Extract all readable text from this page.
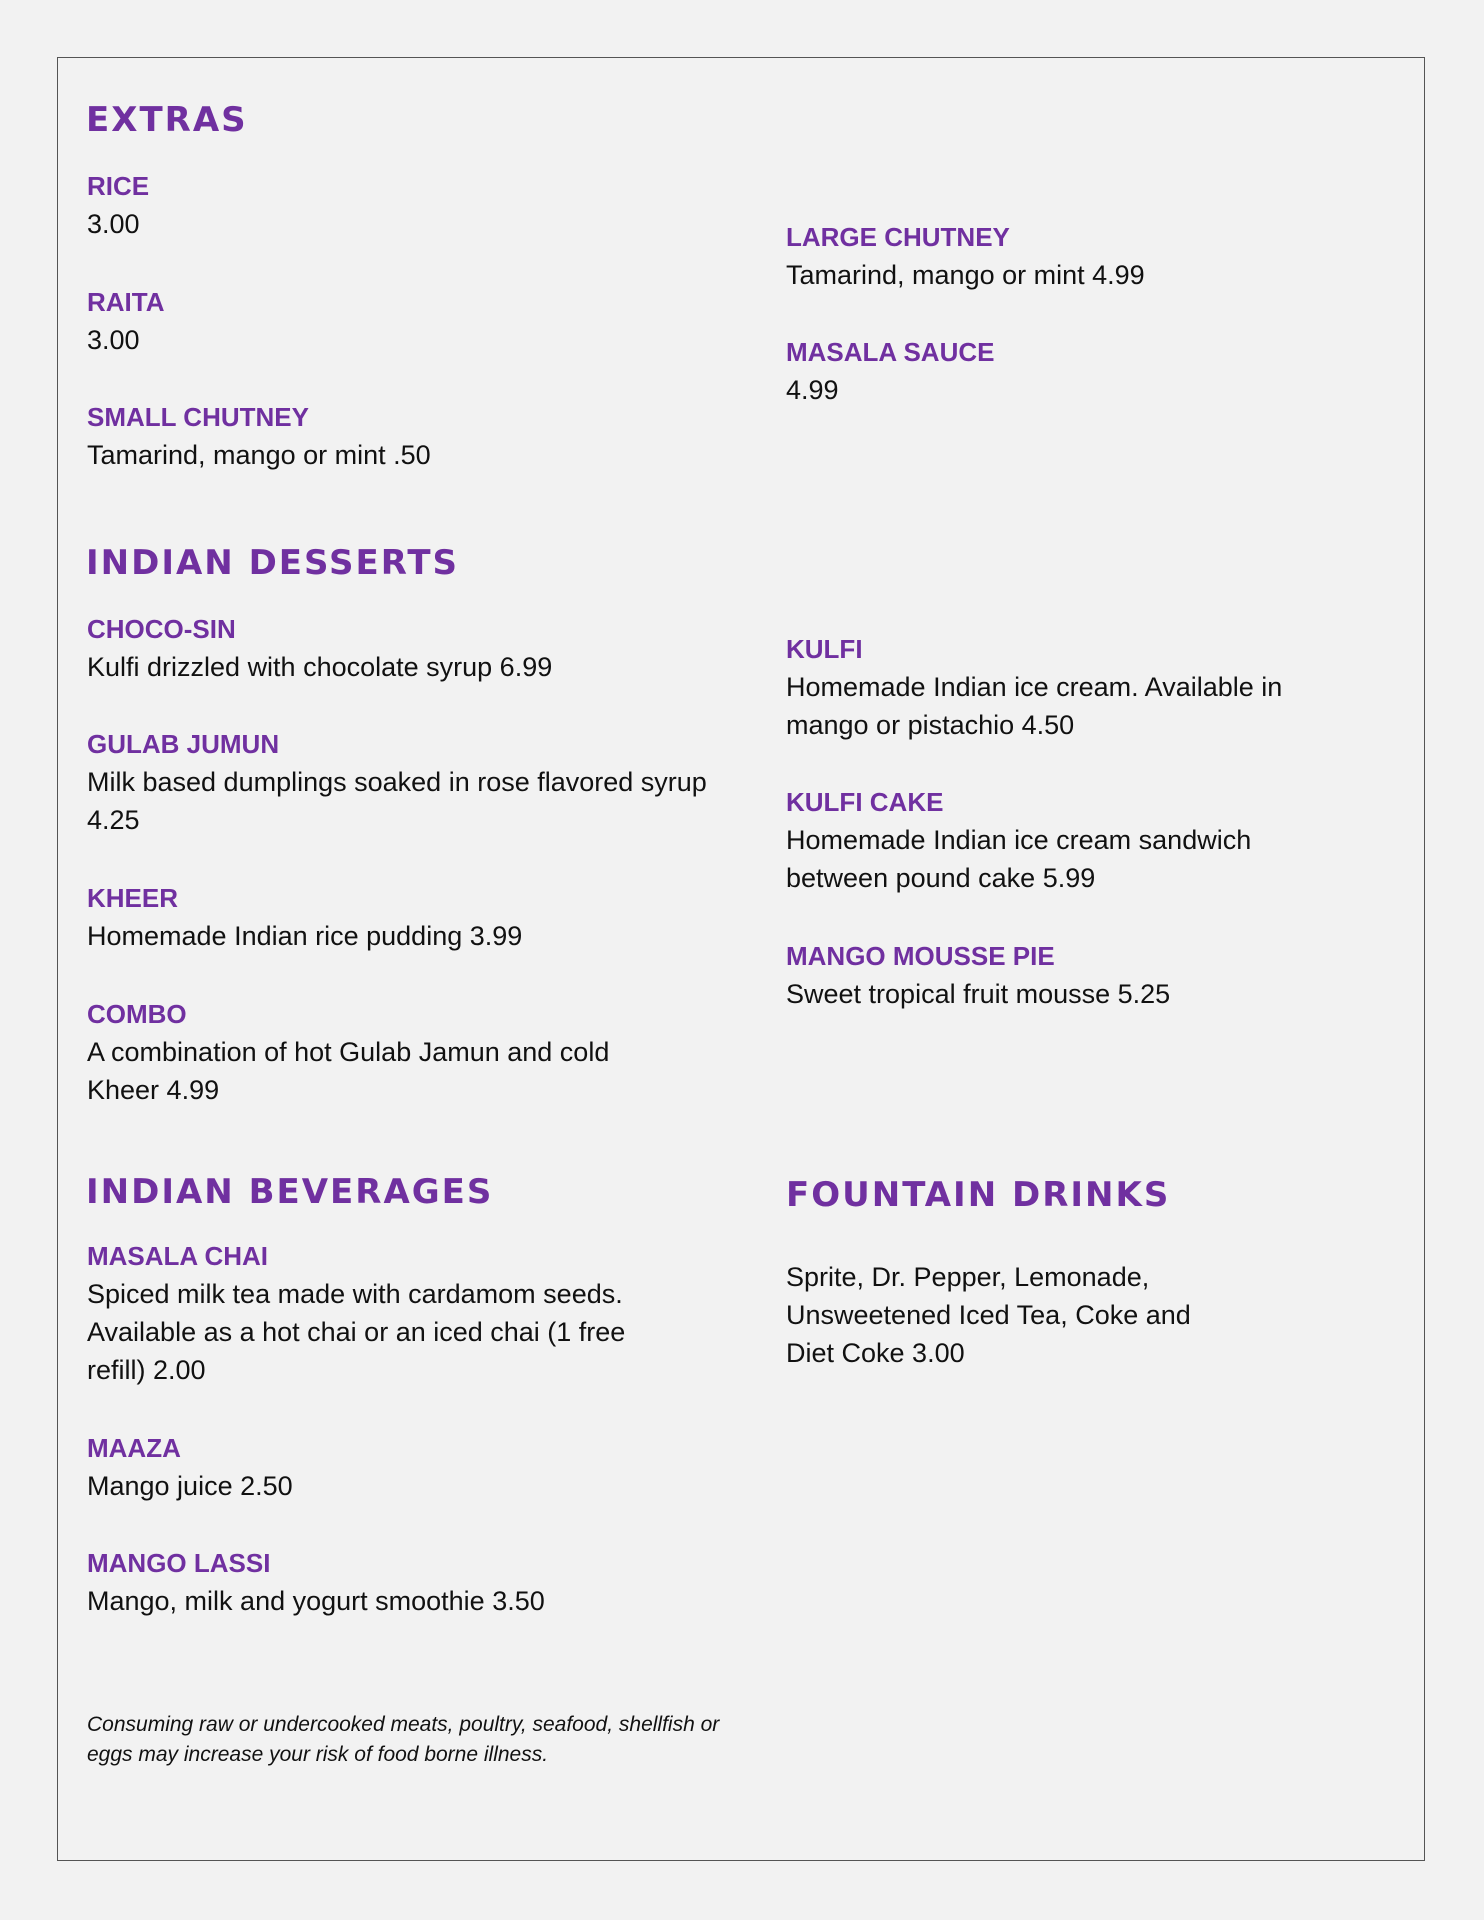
EXTRAS
RICE
3.00
RAITA
3.00
SMALL CHUTNEY
Tamarind, mango or mint .50
LARGE CHUTNEY
Tamarind, mango or mint 4.99
MASALA SAUCE
4.99
INDIAN DESSERTS
CHOCO-SIN
Kulfi drizzled with chocolate syrup 6.99
GULAB JUMUN
Milk based dumplings soaked in rose flavored syrup 4.25
KHEER
Homemade Indian rice pudding 3.99
COMBO
A combination of hot Gulab Jamun and cold Kheer 4.99
KULFI
Homemade Indian ice cream. Available in mango or pistachio 4.50
KULFI CAKE
Homemade Indian ice cream sandwich between pound cake 5.99
MANGO MOUSSE PIE
Sweet tropical fruit mousse 5.25
INDIAN BEVERAGES
MASALA CHAI
Spiced milk tea made with cardamom seeds. Available as a hot chai or an iced chai (1 free refill) 2.00
MAAZA
Mango juice 2.50
MANGO LASSI
Mango, milk and yogurt smoothie 3.50
FOUNTAIN DRINKS
Sprite, Dr. Pepper, Lemonade, Unsweetened Iced Tea, Coke and Diet Coke 3.00
Consuming raw or undercooked meats, poultry, seafood, shellfish or eggs may increase your risk of food borne illness.
